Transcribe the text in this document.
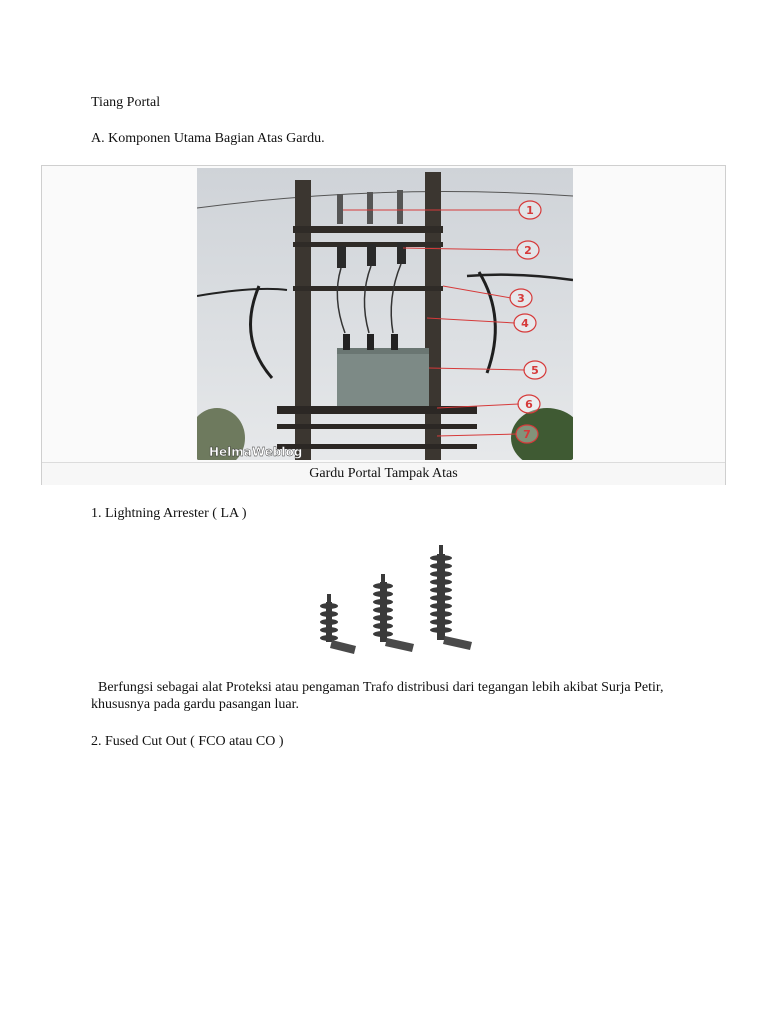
Tiang Portal
A. Komponen Utama Bagian Atas Gardu.
1
2
3
4
5
6
7
HelmaWeblog
Gardu Portal Tampak Atas
1. Lightning Arrester ( LA )
Berfungsi sebagai alat Proteksi atau pengaman Trafo distribusi dari tegangan lebih akibat Surja Petir, khususnya pada gardu pasangan luar.
2. Fused Cut Out ( FCO atau CO )
